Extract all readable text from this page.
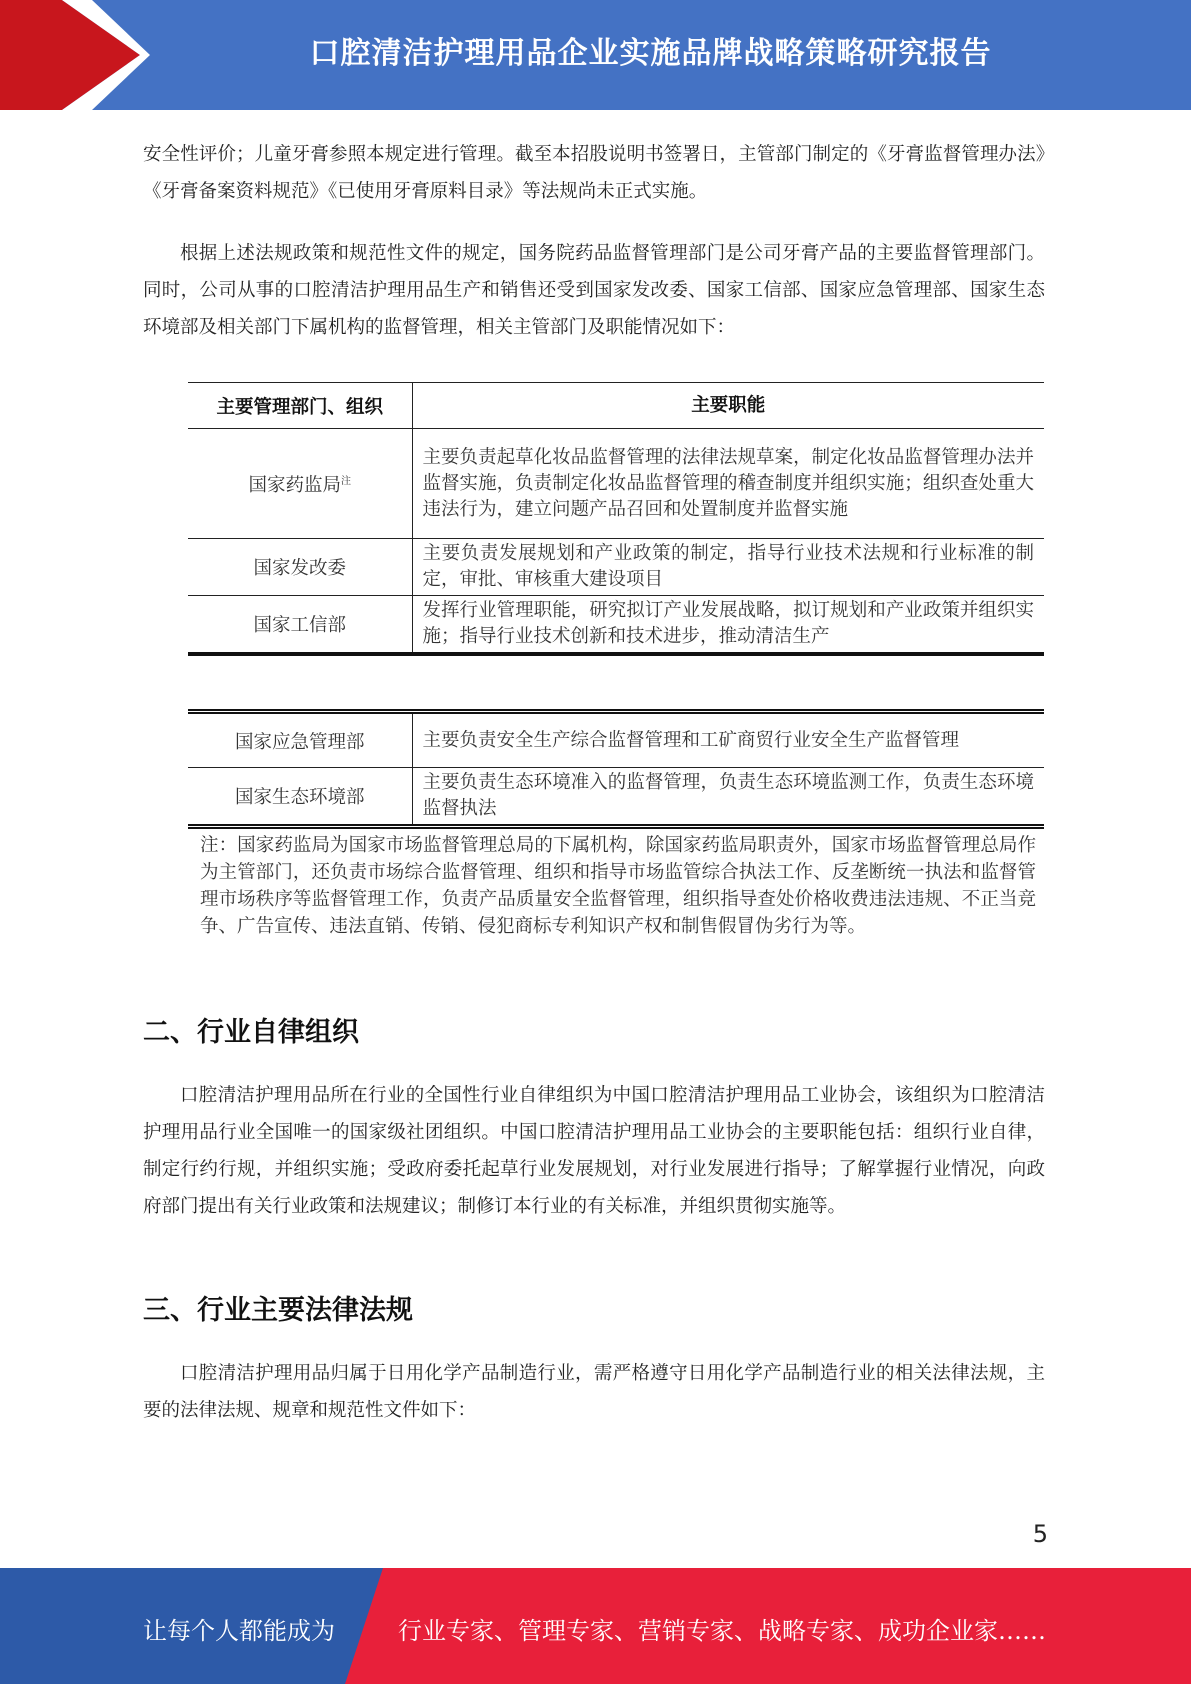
口腔清洁护理用品企业实施品牌战略策略研究报告

安全性评价；儿童牙膏参照本规定进行管理。截至本招股说明书签署日，主管部门制定的《牙膏监督管理办法》《牙膏备案资料规范》《已使用牙膏原料目录》等法规尚未正式实施。

根据上述法规政策和规范性文件的规定，国务院药品监督管理部门是公司牙膏产品的主要监督管理部门。同时，公司从事的口腔清洁护理用品生产和销售还受到国家发改委、国家工信部、国家应急管理部、国家生态环境部及相关部门下属机构的监督管理，相关主管部门及职能情况如下：

主要管理部门、组织	主要职能
国家药监局$^注$	主要负责起草化妆品监督管理的法律法规草案，制定化妆品监督管理办法并监督实施，负责制定化妆品监督管理的稽查制度并组织实施；组织查处重大违法行为，建立问题产品召回和处置制度并监督实施
国家发改委	主要负责发展规划和产业政策的制定，指导行业技术法规和行业标准的制定，审批、审核重大建设项目
国家工信部	发挥行业管理职能，研究拟订产业发展战略，拟订规划和产业政策并组织实施；指导行业技术创新和技术进步，推动清洁生产
国家应急管理部	主要负责安全生产综合监督管理和工矿商贸行业安全生产监督管理
国家生态环境部	主要负责生态环境准入的监督管理，负责生态环境监测工作，负责生态环境监督执法

注：国家药监局为国家市场监督管理总局的下属机构，除国家药监局职责外，国家市场监督管理总局作为主管部门，还负责市场综合监督管理、组织和指导市场监管综合执法工作、反垄断统一执法和监督管理市场秩序等监督管理工作，负责产品质量安全监督管理，组织指导查处价格收费违法违规、不正当竞争、广告宣传、违法直销、传销、侵犯商标专利知识产权和制售假冒伪劣行为等。

二、行业自律组织

口腔清洁护理用品所在行业的全国性行业自律组织为中国口腔清洁护理用品工业协会，该组织为口腔清洁护理用品行业全国唯一的国家级社团组织。中国口腔清洁护理用品工业协会的主要职能包括：组织行业自律，制定行约行规，并组织实施；受政府委托起草行业发展规划，对行业发展进行指导；了解掌握行业情况，向政府部门提出有关行业政策和法规建议；制修订本行业的有关标准，并组织贯彻实施等。

三、行业主要法律法规

口腔清洁护理用品归属于日用化学产品制造行业，需严格遵守日用化学产品制造行业的相关法律法规，主要的法律法规、规章和规范性文件如下：

5
让每个人都能成为	行业专家、管理专家、营销专家、战略专家、成功企业家……
